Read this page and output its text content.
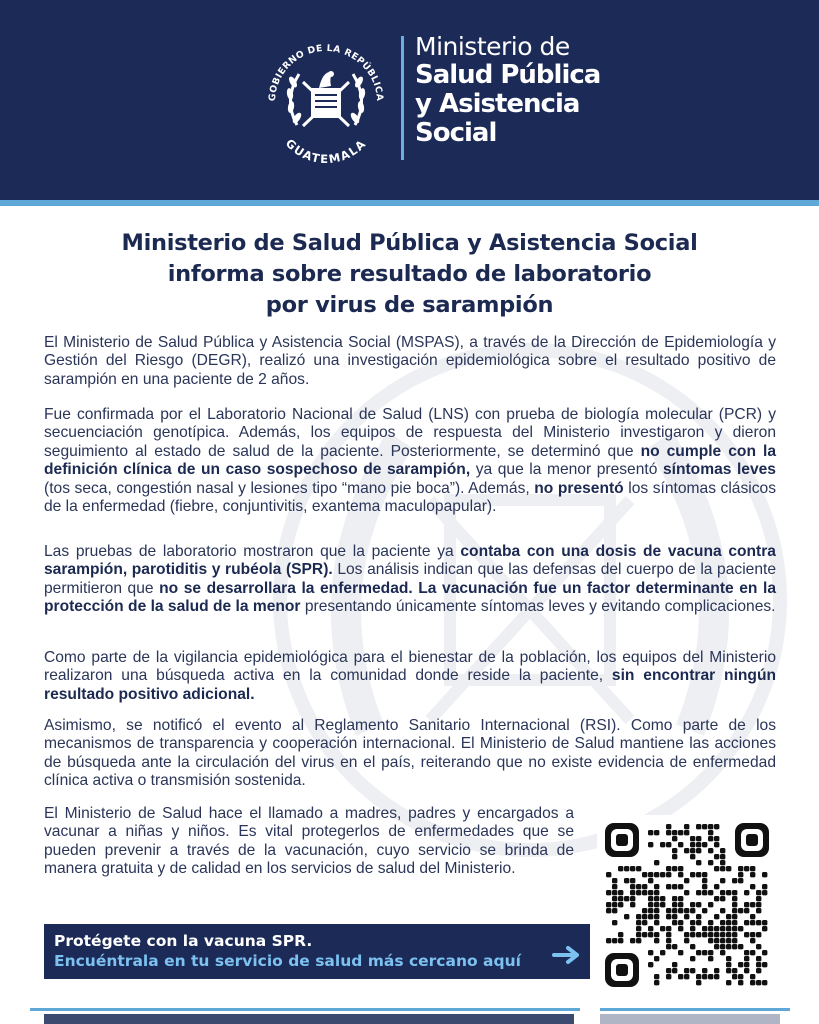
GOBIERNO DE LA REPÚBLICA
GUATEMALA
Ministerio de
Salud Pública
y Asistencia
Social
Ministerio de Salud Pública y Asistencia Social
informa sobre resultado de laboratorio
por virus de sarampión

El Ministerio de Salud Pública y Asistencia Social (MSPAS), a través de la Dirección de Epidemiología y Gestión del Riesgo (DEGR), realizó una investigación epidemiológica sobre el resultado positivo de sarampión en una paciente de 2 años.

Fue confirmada por el Laboratorio Nacional de Salud (LNS) con prueba de biología molecular (PCR) y secuenciación genotípica. Además, los equipos de respuesta del Ministerio investigaron y dieron seguimiento al estado de salud de la paciente. Posteriormente, se determinó que no cumple con la definición clínica de un caso sospechoso de sarampión, ya que la menor presentó síntomas leves (tos seca, congestión nasal y lesiones tipo “mano pie boca”). Además, no presentó los síntomas clásicos de la enfermedad (fiebre, conjuntivitis, exantema maculopapular).

Las pruebas de laboratorio mostraron que la paciente ya contaba con una dosis de vacuna contra sarampión, parotiditis y rubéola (SPR). Los análisis indican que las defensas del cuerpo de la paciente permitieron que no se desarrollara la enfermedad. La vacunación fue un factor determinante en la protección de la salud de la menor presentando únicamente síntomas leves y evitando complicaciones.

Como parte de la vigilancia epidemiológica para el bienestar de la población, los equipos del Ministerio realizaron una búsqueda activa en la comunidad donde reside la paciente, sin encontrar ningún resultado positivo adicional.

Asimismo, se notificó el evento al Reglamento Sanitario Internacional (RSI). Como parte de los mecanismos de transparencia y cooperación internacional. El Ministerio de Salud mantiene las acciones de búsqueda ante la circulación del virus en el país, reiterando que no existe evidencia de enfermedad clínica activa o transmisión sostenida.

El Ministerio de Salud hace el llamado a madres, padres y encargados a vacunar a niñas y niños. Es vital protegerlos de enfermedades que se pueden prevenir a través de la vacunación, cuyo servicio se brinda de manera gratuita y de calidad en los servicios de salud del Ministerio.

Protégete con la vacuna SPR.
Encuéntrala en tu servicio de salud más cercano aquí
